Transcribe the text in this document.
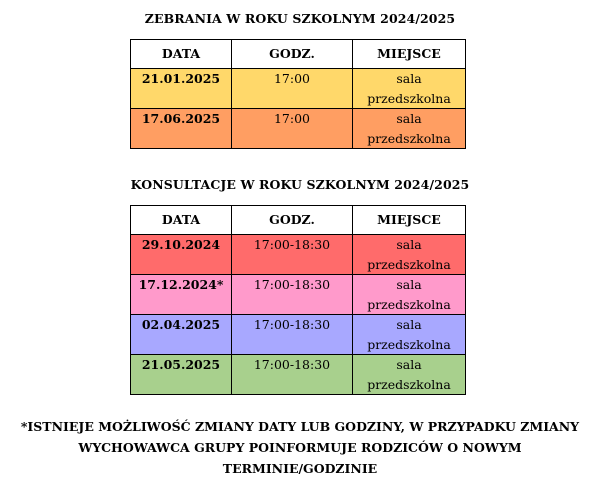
ZEBRANIA W ROKU SZKOLNYM 2024/2025
DATA	GODZ.	MIEJSCE
21.01.2025	17:00	sala
przedszkolna
17.06.2025	17:00	sala
przedszkolna
KONSULTACJE W ROKU SZKOLNYM 2024/2025
DATA	GODZ.	MIEJSCE
29.10.2024	17:00-18:30	sala
przedszkolna
17.12.2024*	17:00-18:30	sala
przedszkolna
02.04.2025	17:00-18:30	sala
przedszkolna
21.05.2025	17:00-18:30	sala
przedszkolna
*ISTNIEJE MOŻLIWOŚĆ ZMIANY DATY LUB GODZINY, W PRZYPADKU ZMIANY
WYCHOWAWCA GRUPY POINFORMUJE RODZICÓW O NOWYM TERMINIE/GODZINIE
